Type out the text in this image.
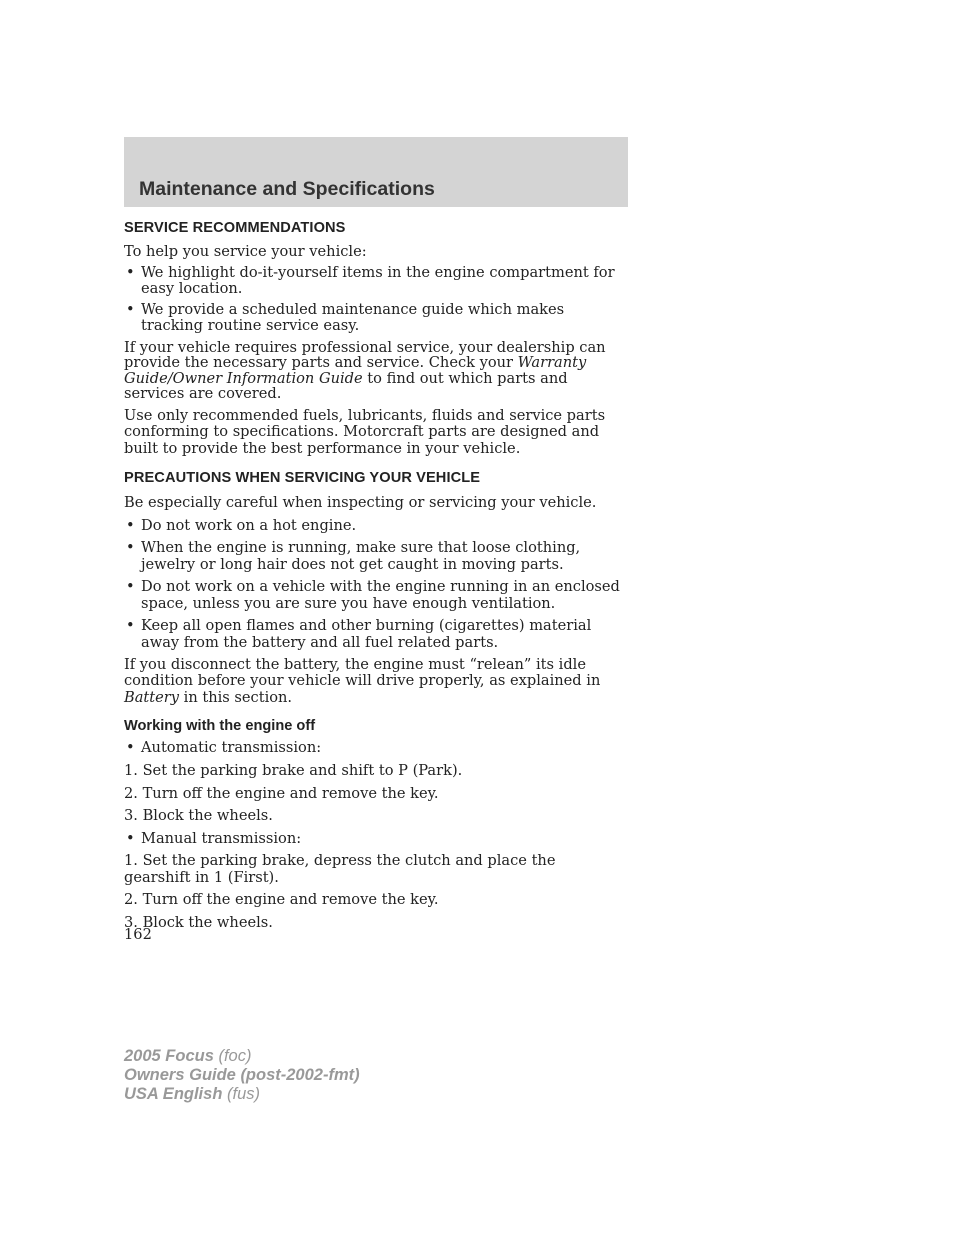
Maintenance and Specifications
SERVICE RECOMMENDATIONS

To help you service your vehicle:

• We highlight do-it-yourself items in the engine compartment for easy location.
• We provide a scheduled maintenance guide which makes tracking routine service easy.

If your vehicle requires professional service, your dealership can provide the necessary parts and service. Check your Warranty Guide/Owner Information Guide to find out which parts and services are covered.

Use only recommended fuels, lubricants, fluids and service parts conforming to specifications. Motorcraft parts are designed and built to provide the best performance in your vehicle.

PRECAUTIONS WHEN SERVICING YOUR VEHICLE

Be especially careful when inspecting or servicing your vehicle.

• Do not work on a hot engine.
• When the engine is running, make sure that loose clothing, jewelry or long hair does not get caught in moving parts.
• Do not work on a vehicle with the engine running in an enclosed space, unless you are sure you have enough ventilation.
• Keep all open flames and other burning (cigarettes) material away from the battery and all fuel related parts.

If you disconnect the battery, the engine must “relean” its idle condition before your vehicle will drive properly, as explained in Battery in this section.

Working with the engine off
• Automatic transmission:

1. Set the parking brake and shift to P (Park).

2. Turn off the engine and remove the key.

3. Block the wheels.

• Manual transmission:

1. Set the parking brake, depress the clutch and place the gearshift in 1 (First).

2. Turn off the engine and remove the key.

3. Block the wheels.

162
2005 Focus (foc)
Owners Guide (post-2002-fmt)
USA English (fus)
